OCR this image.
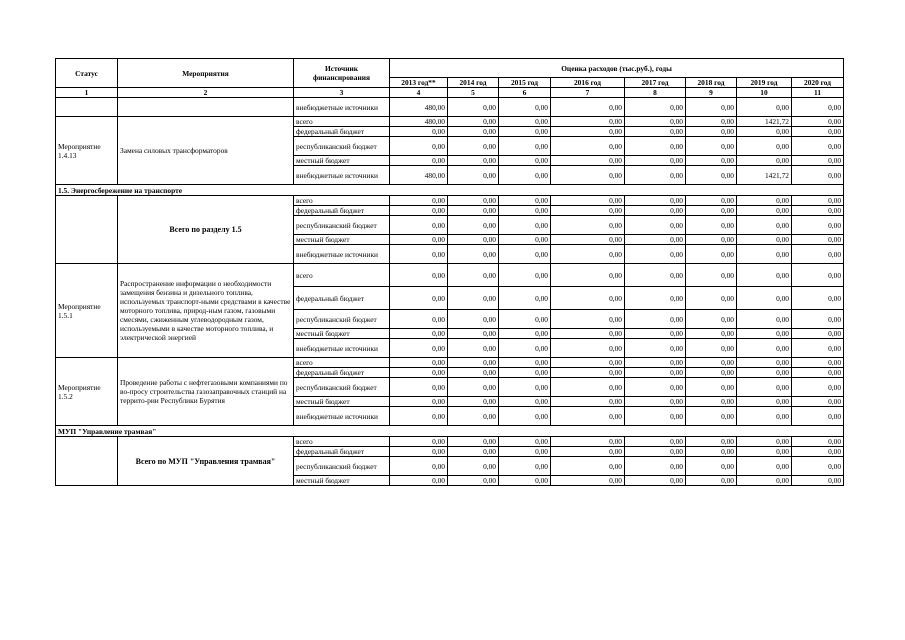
Статус	Мероприятия	Источник финансирования	Оценка расходов (тыс.руб.), годы							
			2013 год**	2014 год	2015 год	2016 год	2017 год	2018 год	2019 год	2020 год
1	2	3	4	5	6	7	8	9	10	11
		внебюджетные источники	480,00	0,00	0,00	0,00	0,00	0,00	0,00	0,00
Мероприятие 1.4.13	Замена силовых трансформаторов	всего	480,00	0,00	0,00	0,00	0,00	0,00	1421,72	0,00
		федеральный бюджет	0,00	0,00	0,00	0,00	0,00	0,00	0,00	0,00
		республиканский бюджет	0,00	0,00	0,00	0,00	0,00	0,00	0,00	0,00
		местный бюджет	0,00	0,00	0,00	0,00	0,00	0,00	0,00	0,00
		внебюджетные источники	480,00	0,00	0,00	0,00	0,00	0,00	1421,72	0,00
1.5. Энергосбережение на транспорте										
	Всего по разделу 1.5	всего	0,00	0,00	0,00	0,00	0,00	0,00	0,00	0,00
		федеральный бюджет	0,00	0,00	0,00	0,00	0,00	0,00	0,00	0,00
		республиканский бюджет	0,00	0,00	0,00	0,00	0,00	0,00	0,00	0,00
		местный бюджет	0,00	0,00	0,00	0,00	0,00	0,00	0,00	0,00
		внебюджетные источники	0,00	0,00	0,00	0,00	0,00	0,00	0,00	0,00
Мероприятие 1.5.1	Распространение информации о необходимости замещения бензина и дизельного топлива, используемых транспорт-ными средствами в качестве моторного топлива, природ-ным газом, газовыми смесями, сжиженным углеводородным газом, используемыми в качестве моторного топлива, и электрической энергией	всего	0,00	0,00	0,00	0,00	0,00	0,00	0,00	0,00
		федеральный бюджет	0,00	0,00	0,00	0,00	0,00	0,00	0,00	0,00
		республиканский бюджет	0,00	0,00	0,00	0,00	0,00	0,00	0,00	0,00
		местный бюджет	0,00	0,00	0,00	0,00	0,00	0,00	0,00	0,00
		внебюджетные источники	0,00	0,00	0,00	0,00	0,00	0,00	0,00	0,00
Мероприятие 1.5.2	Проведение работы с нефтегазовыми компаниями по во-просу строительства газозаправочных станций на террито-рии Республики Бурятия	всего	0,00	0,00	0,00	0,00	0,00	0,00	0,00	0,00
		федеральный бюджет	0,00	0,00	0,00	0,00	0,00	0,00	0,00	0,00
		республиканский бюджет	0,00	0,00	0,00	0,00	0,00	0,00	0,00	0,00
		местный бюджет	0,00	0,00	0,00	0,00	0,00	0,00	0,00	0,00
		внебюджетные источники	0,00	0,00	0,00	0,00	0,00	0,00	0,00	0,00
МУП "Управление трамвая"										
	Всего по МУП "Управления трамвая"	всего	0,00	0,00	0,00	0,00	0,00	0,00	0,00	0,00
		федеральный бюджет	0,00	0,00	0,00	0,00	0,00	0,00	0,00	0,00
		республиканский бюджет	0,00	0,00	0,00	0,00	0,00	0,00	0,00	0,00
		местный бюджет	0,00	0,00	0,00	0,00	0,00	0,00	0,00	0,00
